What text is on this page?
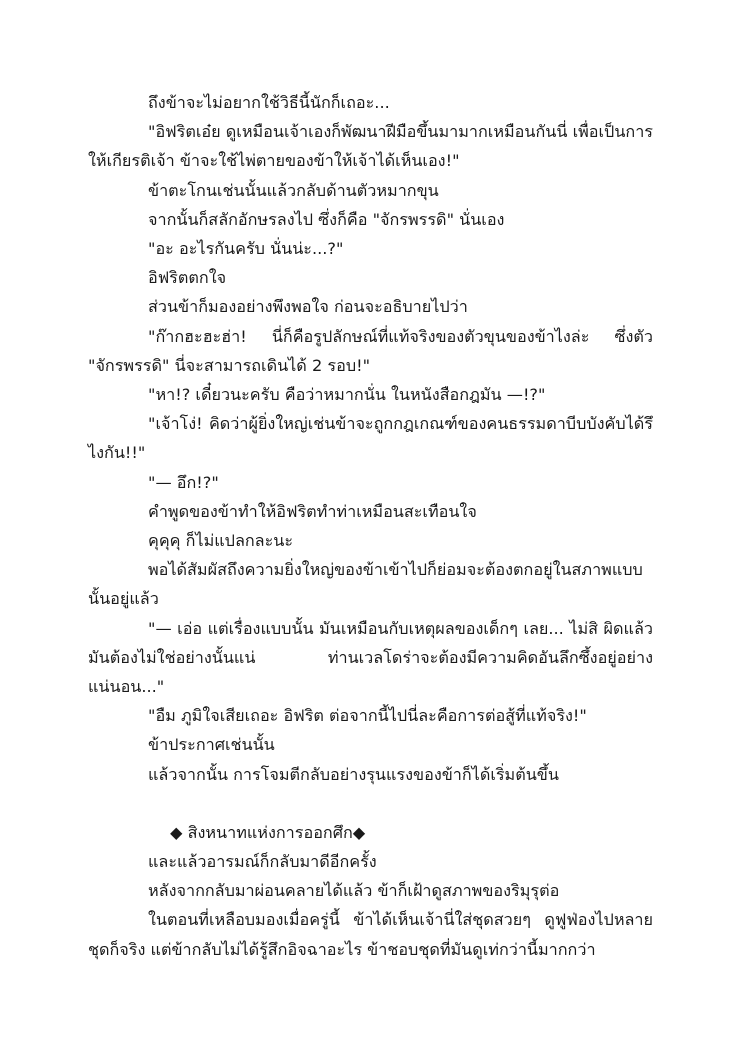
ถึงข้าจะไม่อยากใช้วิธีนี้นักก็เถอะ...

"อิฟริตเอ๋ย ดูเหมือนเจ้าเองก็พัฒนาฝีมือขึ้นมามากเหมือนกันนี่ เพื่อเป็นการให้เกียรติเจ้า ข้าจะใช้ไพ่ตายของข้าให้เจ้าได้เห็นเอง!"

ข้าตะโกนเช่นนั้นแล้วกลับด้านตัวหมากขุน

จากนั้นก็สลักอักษรลงไป ซึ่งก็คือ "จักรพรรดิ" นั่นเอง

"อะ อะไรกันครับ นั่นน่ะ...?"

อิฟริตตกใจ

ส่วนข้าก็มองอย่างพึงพอใจ ก่อนจะอธิบายไปว่า

"ก๊ากฮะฮะฮ่า! นี่ก็คือรูปลักษณ์ที่แท้จริงของตัวขุนของข้าไงล่ะ ซึ่งตัว "จักรพรรดิ" นี่จะสามารถเดินได้ 2 รอบ!"

"หา!? เดี๋ยวนะครับ คือว่าหมากนั่น ในหนังสือกฎมัน —!?"

"เจ้าโง่! คิดว่าผู้ยิ่งใหญ่เช่นข้าจะถูกกฎเกณฑ์ของคนธรรมดาบีบบังคับได้รึไงกัน!!"

"— อึก!?"

คำพูดของข้าทำให้อิฟริตทำท่าเหมือนสะเทือนใจ

คุคุคุ ก็ไม่แปลกละนะ

พอได้สัมผัสถึงความยิ่งใหญ่ของข้าเข้าไปก็ย่อมจะต้องตกอยู่ในสภาพแบบนั้นอยู่แล้ว

"— เอ่อ แต่เรื่องแบบนั้น มันเหมือนกับเหตุผลของเด็กๆ เลย... ไม่สิ ผิดแล้ว มันต้องไม่ใช่อย่างนั้นแน่ ท่านเวลโดร่าจะต้องมีความคิดอันลึกซึ้งอยู่อย่างแน่นอน..."

"อืม ภูมิใจเสียเถอะ อิฟริต ต่อจากนี้ไปนี่ละคือการต่อสู้ที่แท้จริง!"

ข้าประกาศเช่นนั้น

แล้วจากนั้น การโจมตีกลับอย่างรุนแรงของข้าก็ได้เริ่มต้นขึ้น

◆ สิงหนาทแห่งการออกศึก◆

และแล้วอารมณ์ก็กลับมาดีอีกครั้ง

หลังจากกลับมาผ่อนคลายได้แล้ว ข้าก็เฝ้าดูสภาพของริมุรุต่อ

ในตอนที่เหลือบมองเมื่อครู่นี้ ข้าได้เห็นเจ้านี่ใส่ชุดสวยๆ ดูฟูฟ่องไปหลายชุดก็จริง แต่ข้ากลับไม่ได้รู้สึกอิจฉาอะไร ข้าชอบชุดที่มันดูเท่กว่านี้มากกว่า
